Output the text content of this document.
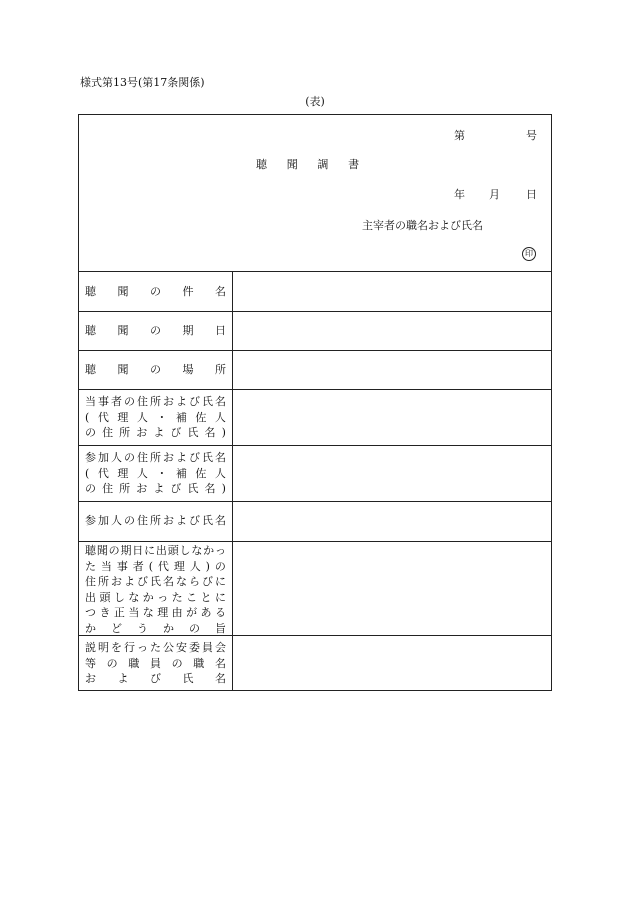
様式第13号(第17条関係)
(表)
第	号
聴 聞 調 書
年 月 日
主宰者の職名および氏名
印
聴 聞 の 件 名
聴 聞 の 期 日
聴 聞 の 場 所
当 事 者 の 住 所 お よ び 氏 名
( 代 理 人 ・ 補 佐 人
の 住 所 お よ び 氏 名 )
参 加 人 の 住 所 お よ び 氏 名
( 代 理 人 ・ 補 佐 人
の 住 所 お よ び 氏 名 )
参 加 人 の 住 所 お よ び 氏 名
聴 聞 の 期 日 に 出 頭 し な か っ
た 当 事 者 ( 代 理 人 ) の
住 所 お よ び 氏 名 な ら び に
出 頭 し な か っ た こ と に
つ き 正 当 な 理 由 が あ る
か ど う か の 旨
説 明 を 行 っ た 公 安 委 員 会
等 の 職 員 の 職 名
お よ び 氏 名
